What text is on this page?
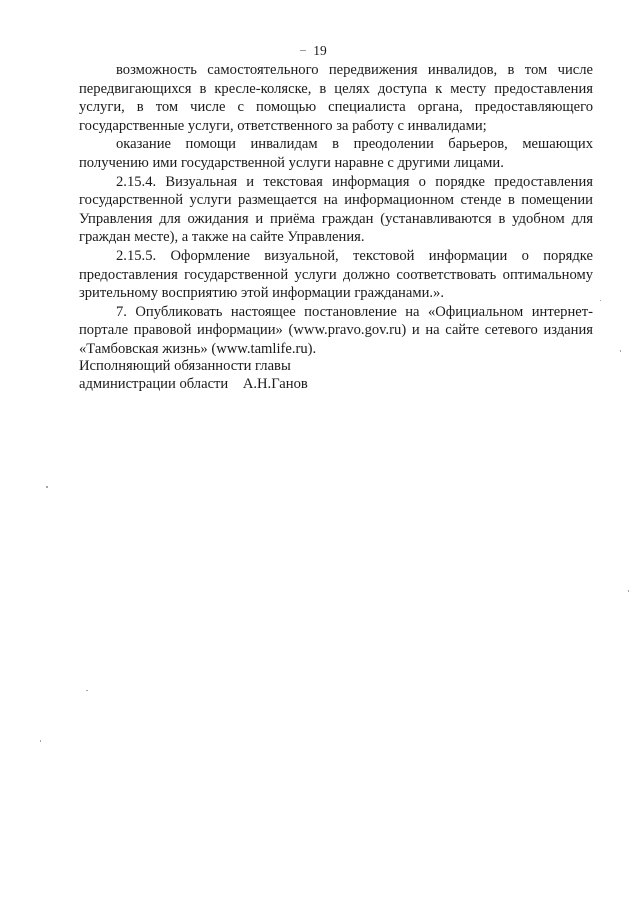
– 19

возможность самостоятельного передвижения инвалидов, в том числе передвигающихся в кресле-коляске, в целях доступа к месту предоставления услуги, в том числе с помощью специалиста органа, предоставляющего государственные услуги, ответственного за работу с инвалидами;

оказание помощи инвалидам в преодолении барьеров, мешающих получению ими государственной услуги наравне с другими лицами.

2.15.4. Визуальная и текстовая информация о порядке предоставления государственной услуги размещается на информационном стенде в помещении Управления для ожидания и приёма граждан (устанавливаются в удобном для граждан месте), а также на сайте Управления.

2.15.5. Оформление визуальной, текстовой информации о порядке предоставления государственной услуги должно соответствовать оптимальному зрительному восприятию этой информации гражданами.».

7. Опубликовать настоящее постановление на «Официальном интернет-портале правовой информации» (www.pravo.gov.ru) и на сайте сетевого издания «Тамбовская жизнь» (www.tamlife.ru).

Исполняющий обязанности главы
администрации области    А.Н.Ганов
